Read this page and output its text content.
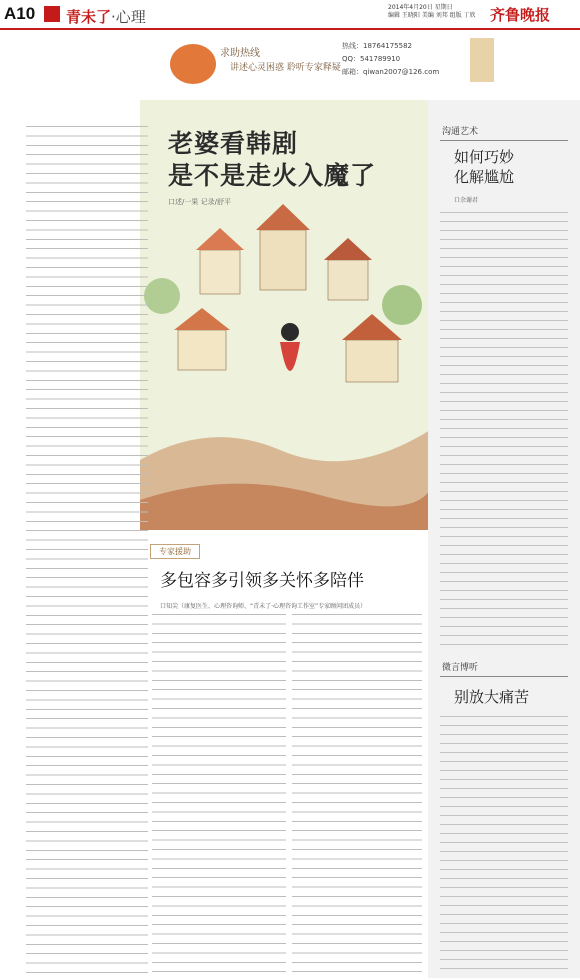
A10 青未了·心理
2014年4月20日 星期日
编辑 王晓阳 美编 刘邦 组版 丁欣 齐鲁晚报
求助热线
讲述心灵困惑 聆听专家释疑
热线：18764175582
QQ：541789910
邮箱：qiwan2007@126.com
老婆看韩剧
是不是走火入魔了
口述/一果 记录/舒平
沟通艺术
如何巧妙
化解尴尬
口余谢君
微言博听
别放大痛苦
专家援助
多包容多引领多关怀多陪伴
口知尖（康复医生、心理咨询师、“青未了·心理咨询工作室”专家顾问团成员）
